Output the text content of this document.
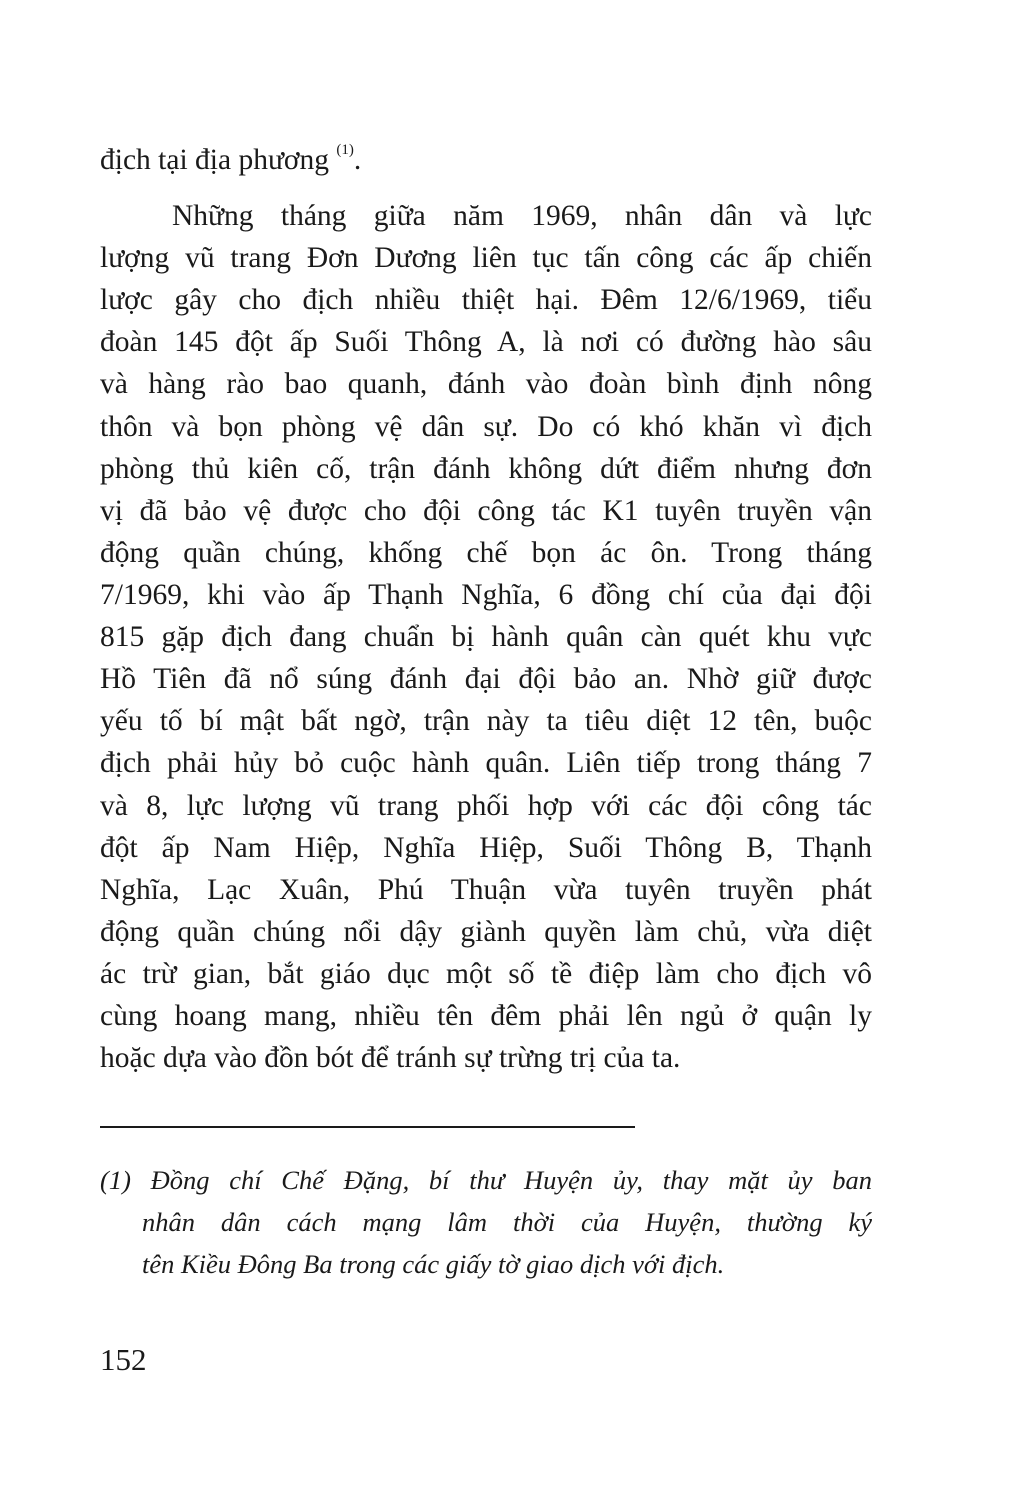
địch tại địa phương $^{(1)}$.
Những tháng giữa năm 1969, nhân dân và lực
lượng vũ trang Đơn Dương liên tục tấn công các ấp chiến
lược gây cho địch nhiều thiệt hại. Đêm 12/6/1969, tiểu
đoàn 145 đột ấp Suối Thông A, là nơi có đường hào sâu
và hàng rào bao quanh, đánh vào đoàn bình định nông
thôn và bọn phòng vệ dân sự. Do có khó khăn vì địch
phòng thủ kiên cố, trận đánh không dứt điểm nhưng đơn
vị đã bảo vệ được cho đội công tác K1 tuyên truyền vận
động quần chúng, khống chế bọn ác ôn. Trong tháng
7/1969, khi vào ấp Thạnh Nghĩa, 6 đồng chí của đại đội
815 gặp địch đang chuẩn bị hành quân càn quét khu vực
Hồ Tiên đã nổ súng đánh đại đội bảo an. Nhờ giữ được
yếu tố bí mật bất ngờ, trận này ta tiêu diệt 12 tên, buộc
địch phải hủy bỏ cuộc hành quân. Liên tiếp trong tháng 7
và 8, lực lượng vũ trang phối hợp với các đội công tác
đột ấp Nam Hiệp, Nghĩa Hiệp, Suối Thông B, Thạnh
Nghĩa, Lạc Xuân, Phú Thuận vừa tuyên truyền phát
động quần chúng nổi dậy giành quyền làm chủ, vừa diệt
ác trừ gian, bắt giáo dục một số tề điệp làm cho địch vô
cùng hoang mang, nhiều tên đêm phải lên ngủ ở quận ly
hoặc dựa vào đồn bót để tránh sự trừng trị của ta.
(1) Đồng chí Chế Đặng, bí thư Huyện ủy, thay mặt ủy ban
nhân dân cách mạng lâm thời của Huyện, thường ký
tên Kiều Đông Ba trong các giấy tờ giao dịch với địch.
152
